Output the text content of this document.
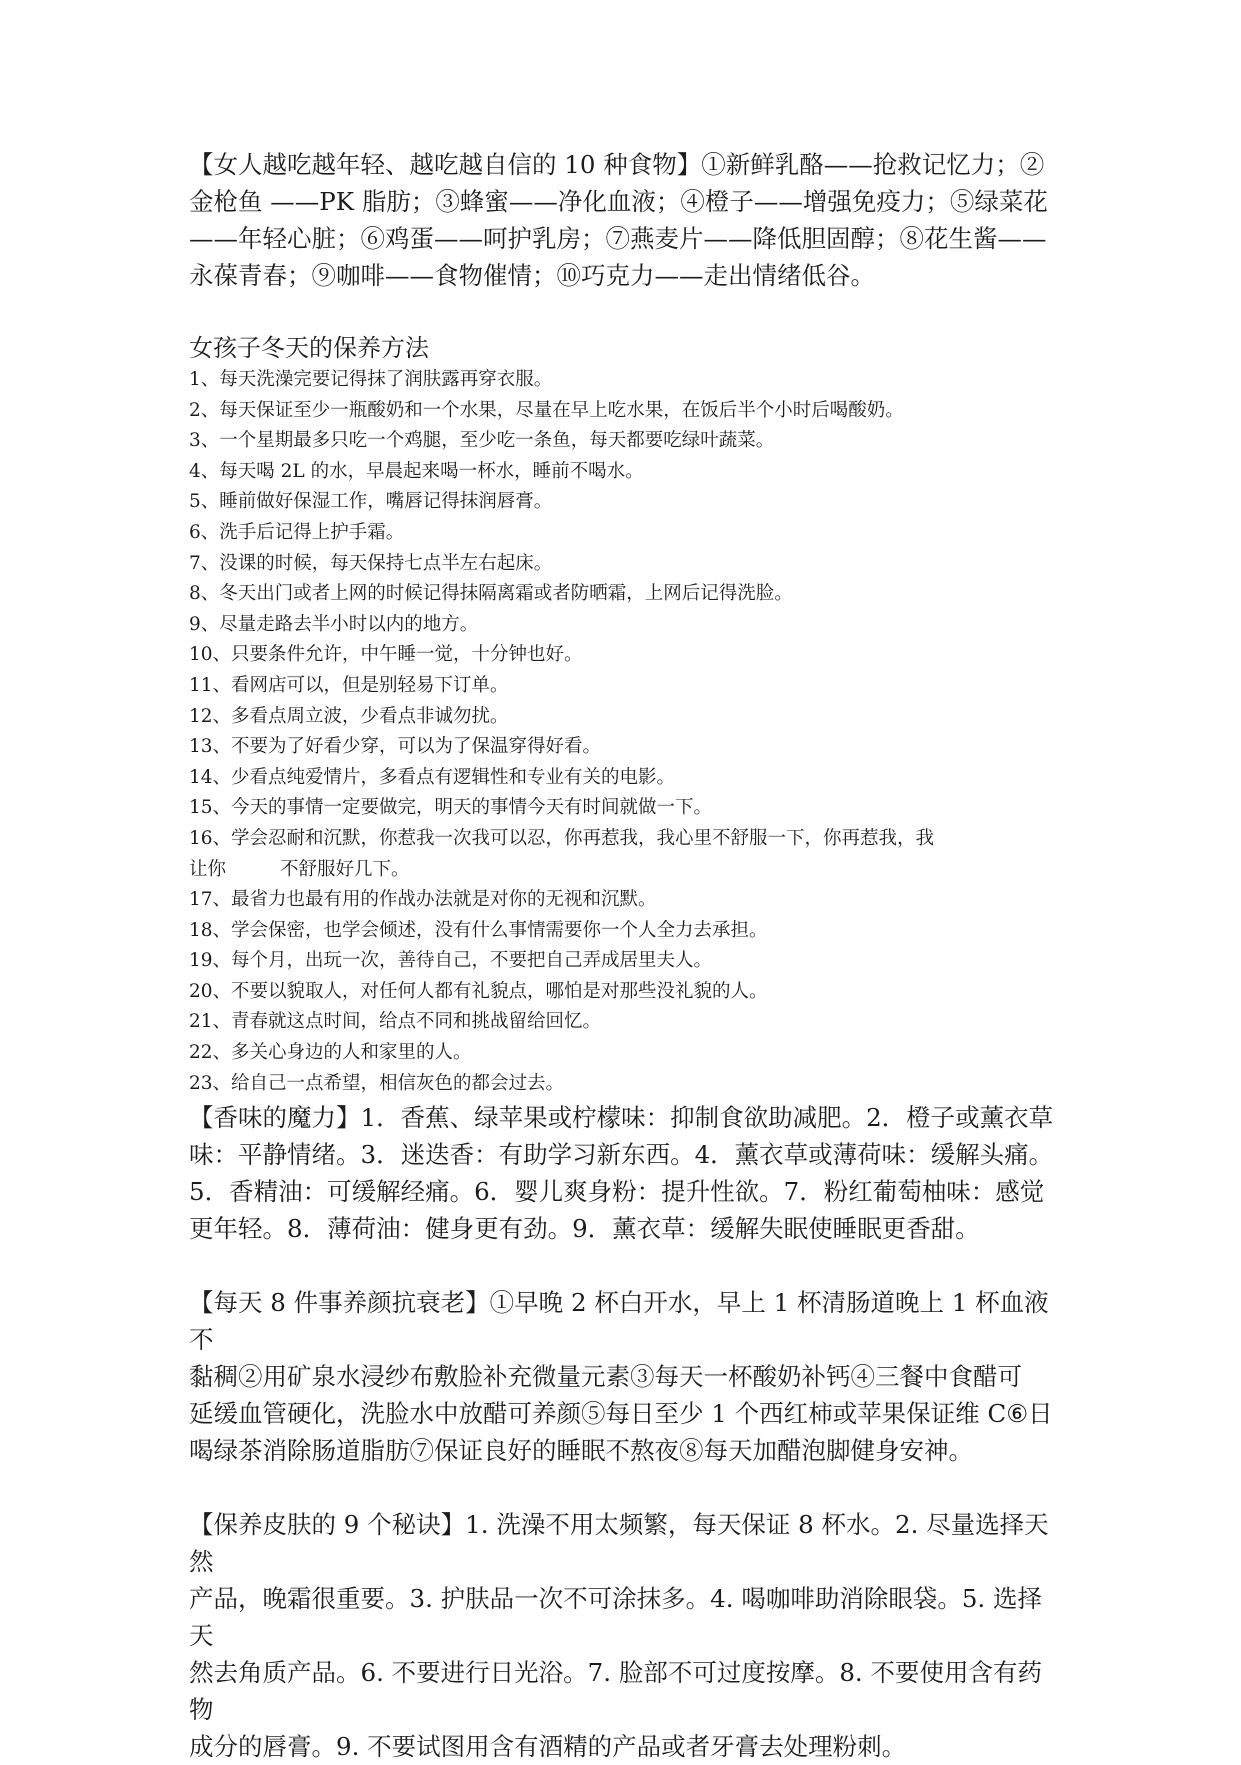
【女人越吃越年轻、越吃越自信的 10 种食物】①新鲜乳酪——抢救记忆力；②
金枪鱼 ——PK 脂肪；③蜂蜜——净化血液；④橙子——增强免疫力；⑤绿菜花
——年轻心脏；⑥鸡蛋——呵护乳房；⑦燕麦片——降低胆固醇；⑧花生酱——
永葆青春；⑨咖啡——食物催情；⑩巧克力——走出情绪低谷。

女孩子冬天的保养方法

1、每天洗澡完要记得抹了润肤露再穿衣服。

2、每天保证至少一瓶酸奶和一个水果，尽量在早上吃水果，在饭后半个小时后喝酸奶。

3、一个星期最多只吃一个鸡腿，至少吃一条鱼，每天都要吃绿叶蔬菜。

4、每天喝 2L 的水，早晨起来喝一杯水，睡前不喝水。

5、睡前做好保湿工作，嘴唇记得抹润唇膏。

6、洗手后记得上护手霜。

7、没课的时候，每天保持七点半左右起床。

8、冬天出门或者上网的时候记得抹隔离霜或者防晒霜，上网后记得洗脸。

9、尽量走路去半小时以内的地方。

10、只要条件允许，中午睡一觉，十分钟也好。

11、看网店可以，但是别轻易下订单。

12、多看点周立波，少看点非诚勿扰。

13、不要为了好看少穿，可以为了保温穿得好看。

14、少看点纯爱情片，多看点有逻辑性和专业有关的电影。

15、今天的事情一定要做完，明天的事情今天有时间就做一下。

16、学会忍耐和沉默，你惹我一次我可以忍，你再惹我，我心里不舒服一下，你再惹我，我

让你	不舒服好几下。

17、最省力也最有用的作战办法就是对你的无视和沉默。

18、学会保密，也学会倾述，没有什么事情需要你一个人全力去承担。

19、每个月，出玩一次，善待自己，不要把自己弄成居里夫人。

20、不要以貌取人，对任何人都有礼貌点，哪怕是对那些没礼貌的人。

21、青春就这点时间，给点不同和挑战留给回忆。

22、多关心身边的人和家里的人。

23、给自己一点希望，相信灰色的都会过去。

【香味的魔力】1．香蕉、绿苹果或柠檬味：抑制食欲助减肥。2．橙子或薰衣草
味：平静情绪。3．迷迭香：有助学习新东西。4．薰衣草或薄荷味：缓解头痛。
5．香精油：可缓解经痛。6．婴儿爽身粉：提升性欲。7．粉红葡萄柚味：感觉
更年轻。8．薄荷油：健身更有劲。9．薰衣草：缓解失眠使睡眠更香甜。

【每天 8 件事养颜抗衰老】①早晚 2 杯白开水，早上 1 杯清肠道晚上 1 杯血液不
黏稠②用矿泉水浸纱布敷脸补充微量元素③每天一杯酸奶补钙④三餐中食醋可
延缓血管硬化，洗脸水中放醋可养颜⑤每日至少 1 个西红柿或苹果保证维 C⑥日
喝绿茶消除肠道脂肪⑦保证良好的睡眠不熬夜⑧每天加醋泡脚健身安神。

【保养皮肤的 9 个秘诀】1. 洗澡不用太频繁，每天保证 8 杯水。2. 尽量选择天然
产品，晚霜很重要。3. 护肤品一次不可涂抹多。4. 喝咖啡助消除眼袋。5. 选择天
然去角质产品。6. 不要进行日光浴。7. 脸部不可过度按摩。8. 不要使用含有药物
成分的唇膏。9. 不要试图用含有酒精的产品或者牙膏去处理粉刺。
